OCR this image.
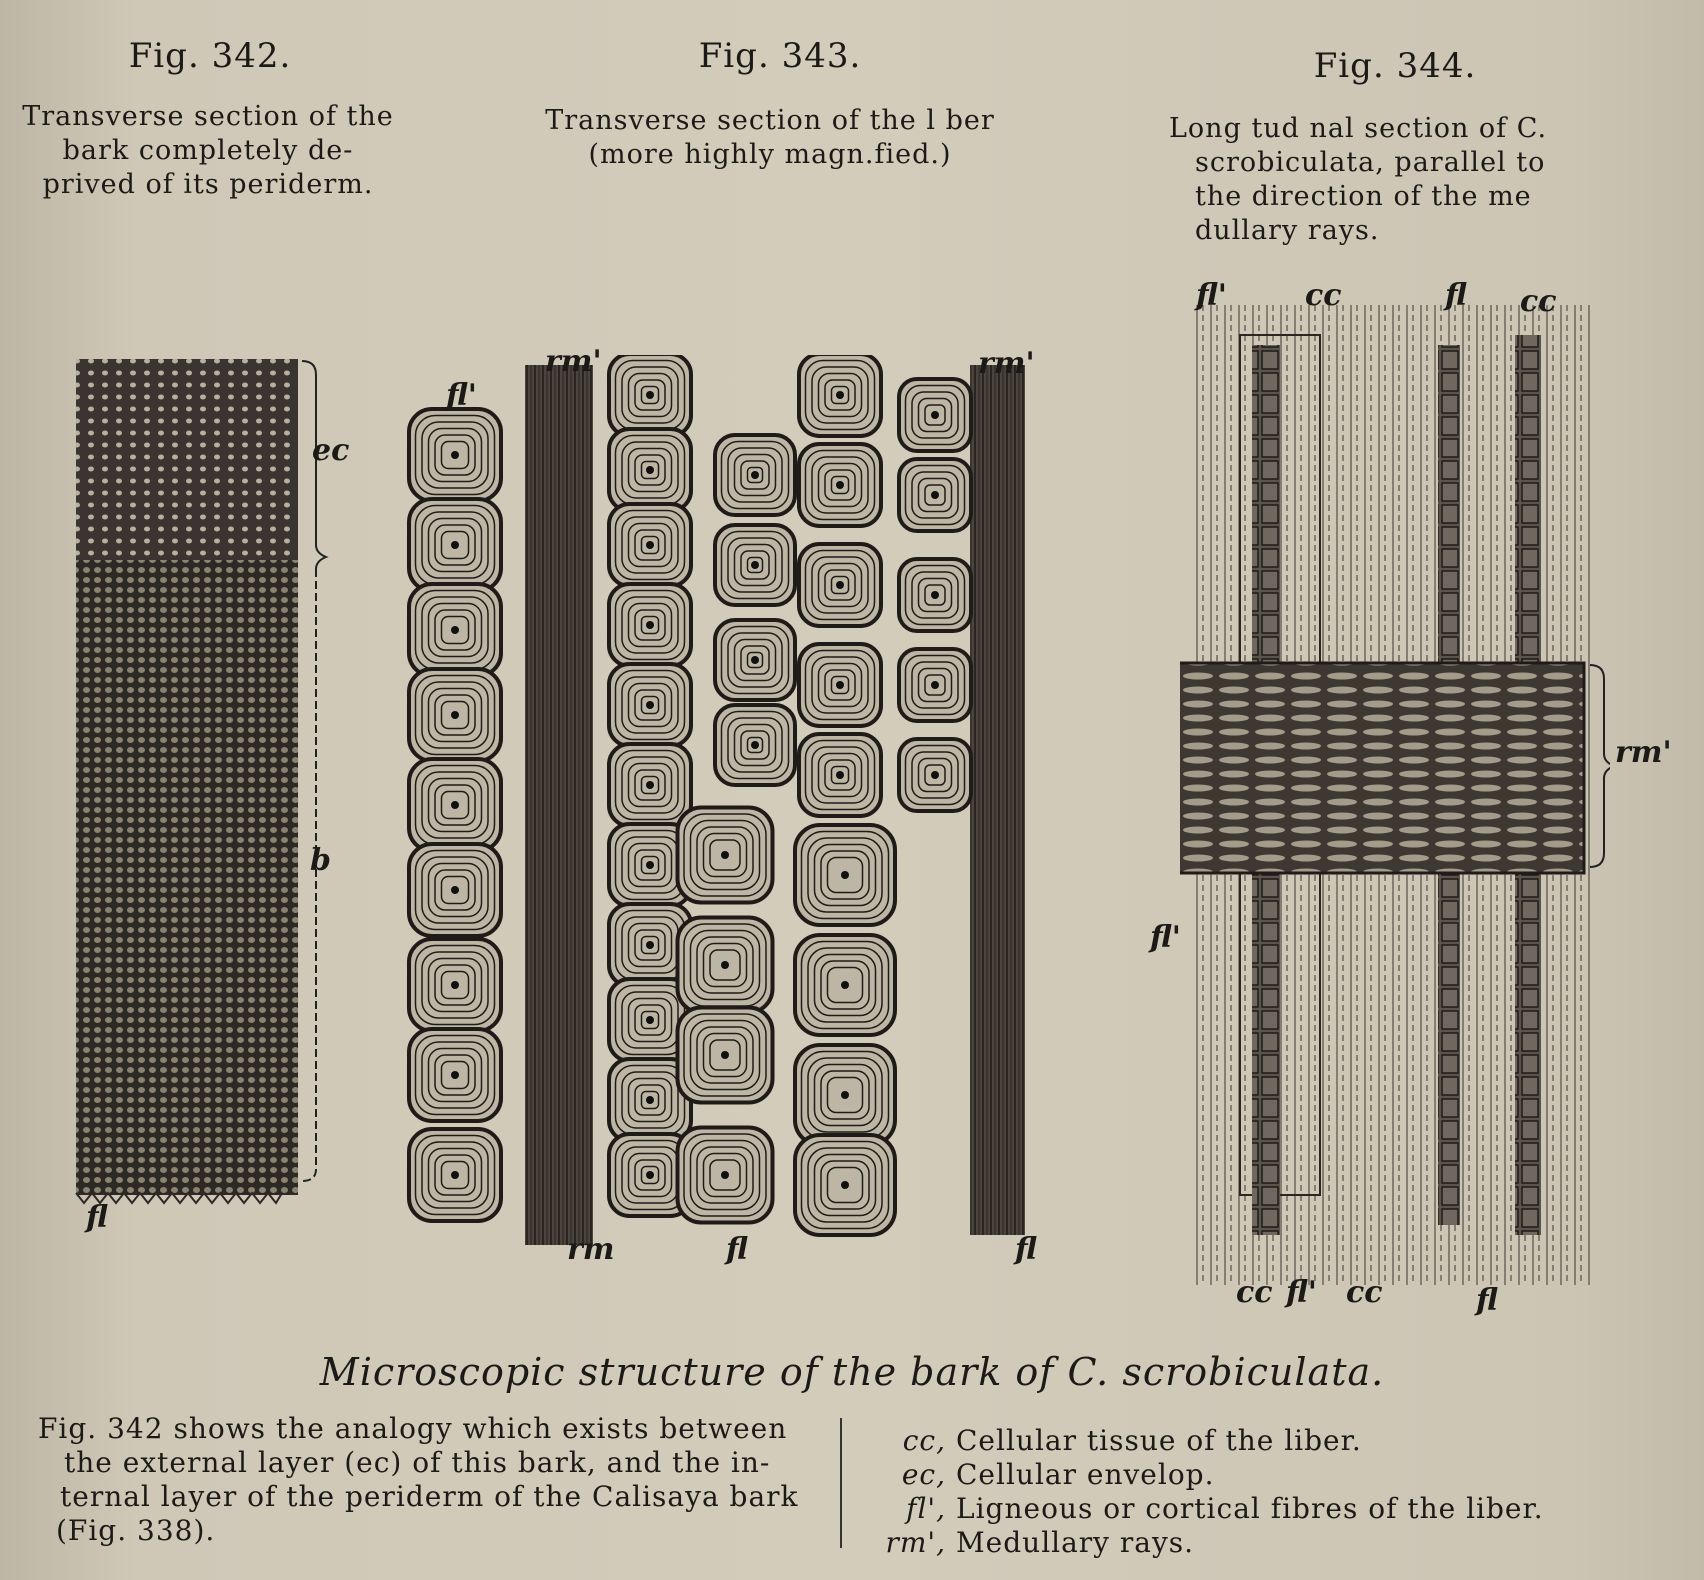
Fig. 342.	Fig. 343.	Fig. 344.
Transverse section of the
bark completely de-
prived of its periderm.
Transverse section of the l ber
(more highly magn.fied.)
Long tud nal section of C.
scrobiculata, parallel to
the direction of the me
dullary rays.
ec
b
fl
fl'
rm'	rm'
rm	fl	fl
fl'	cc	fl cc
rm'
fl'
cc fl' cc	fl
Microscopic structure of the bark of C. scrobiculata.
Fig. 342 shows the analogy which exists between
the external layer (ec) of this bark, and the in-
ternal layer of the periderm of the Calisaya bark
(Fig. 338).
cc, Cellular tissue of the liber.
ec, Cellular envelop.
fl', Ligneous or cortical fibres of the liber.
rm', Medullary rays.
